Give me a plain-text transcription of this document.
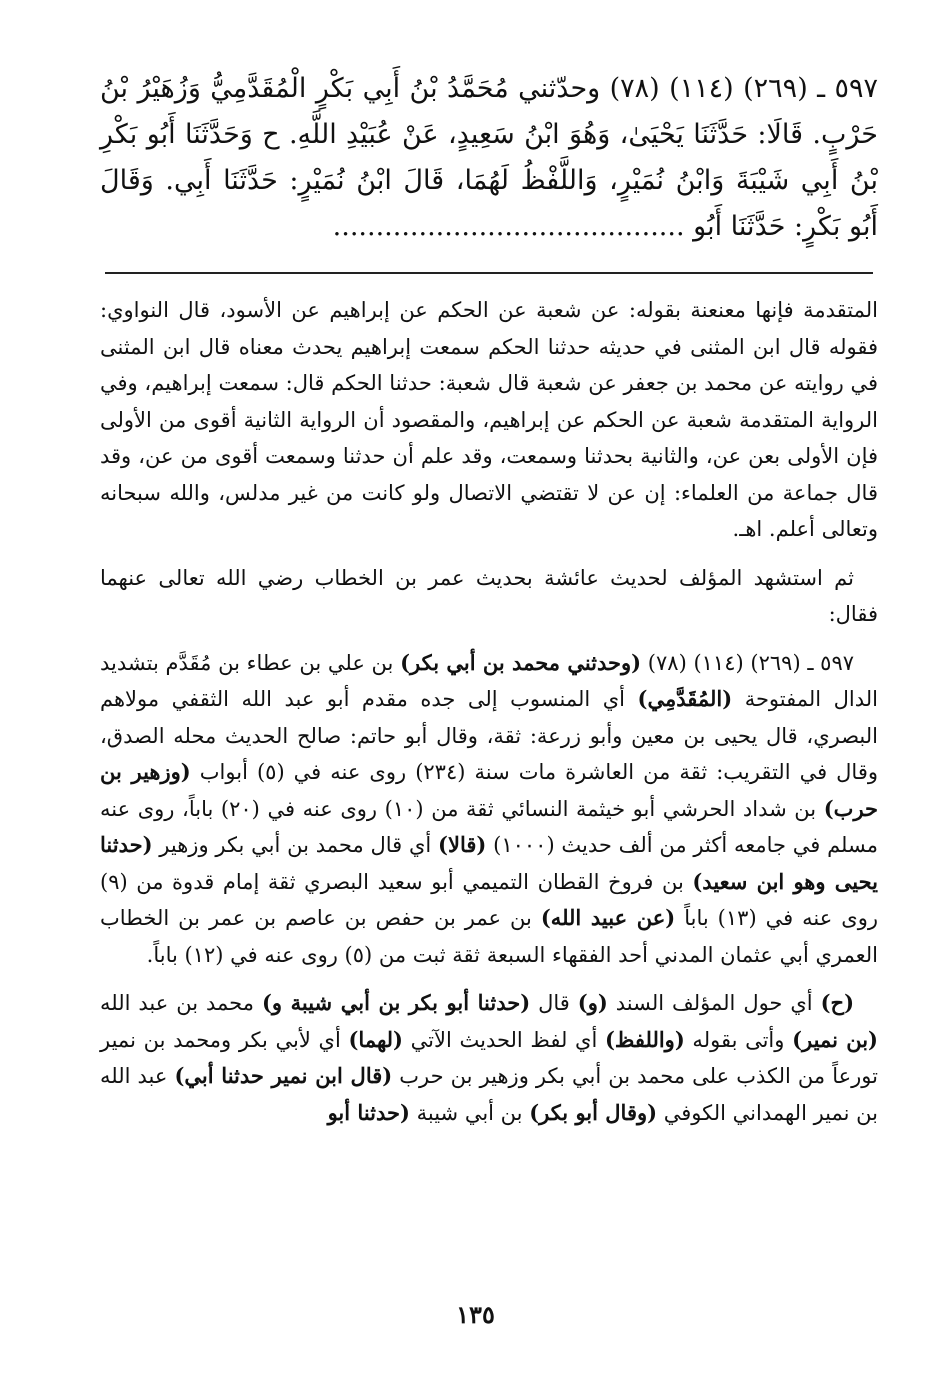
٥٩٧ ـ (٢٦٩) (١١٤) (٧٨) وحدّثني مُحَمَّدُ بْنُ أَبِي بَكْرٍ الْمُقَدَّمِيُّ وَزُهَيْرُ بْنُ حَرْبٍ. قَالَا: حَدَّثَنَا يَحْيَىٰ، وَهُوَ ابْنُ سَعِيدٍ، عَنْ عُبَيْدِ اللَّهِ. ح وَحَدَّثَنَا أَبُو بَكْرِ بْنُ أَبِي شَيْبَةَ وَابْنُ نُمَيْرٍ، وَاللَّفْظُ لَهُمَا، قَالَ ابْنُ نُمَيْرٍ: حَدَّثَنَا أَبِي. وَقَالَ أَبُو بَكْرٍ: حَدَّثَنَا أَبُو .........................................

المتقدمة فإنها معنعنة بقوله: عن شعبة عن الحكم عن إبراهيم عن الأسود، قال النواوي: فقوله قال ابن المثنى في حديثه حدثنا الحكم سمعت إبراهيم يحدث معناه قال ابن المثنى في روايته عن محمد بن جعفر عن شعبة قال شعبة: حدثنا الحكم قال: سمعت إبراهيم، وفي الرواية المتقدمة شعبة عن الحكم عن إبراهيم، والمقصود أن الرواية الثانية أقوى من الأولى فإن الأولى بعن عن، والثانية بحدثنا وسمعت، وقد علم أن حدثنا وسمعت أقوى من عن، وقد قال جماعة من العلماء: إن عن لا تقتضي الاتصال ولو كانت من غير مدلس، والله سبحانه وتعالى أعلم. اهـ.

ثم استشهد المؤلف لحديث عائشة بحديث عمر بن الخطاب رضي الله تعالى عنهما فقال:

٥٩٧ ـ (٢٦٩) (١١٤) (٧٨) (وحدثني محمد بن أبي بكر) بن علي بن عطاء بن مُقَدَّم بتشديد الدال المفتوحة (المُقَدَّمِي) أي المنسوب إلى جده مقدم أبو عبد الله الثقفي مولاهم البصري، قال يحيى بن معين وأبو زرعة: ثقة، وقال أبو حاتم: صالح الحديث محله الصدق، وقال في التقريب: ثقة من العاشرة مات سنة (٢٣٤) روى عنه في (٥) أبواب (وزهير بن حرب) بن شداد الحرشي أبو خيثمة النسائي ثقة من (١٠) روى عنه في (٢٠) باباً، روى عنه مسلم في جامعه أكثر من ألف حديث (١٠٠٠) (قالا) أي قال محمد بن أبي بكر وزهير (حدثنا يحيى وهو ابن سعيد) بن فروخ القطان التميمي أبو سعيد البصري ثقة إمام قدوة من (٩) روى عنه في (١٣) باباً (عن عبيد الله) بن عمر بن حفص بن عاصم بن عمر بن الخطاب العمري أبي عثمان المدني أحد الفقهاء السبعة ثقة ثبت من (٥) روى عنه في (١٢) باباً.

(ح) أي حول المؤلف السند (و) قال (حدثنا أبو بكر بن أبي شيبة و) محمد بن عبد الله (بن نمير) وأتى بقوله (واللفظ) أي لفظ الحديث الآتي (لهما) أي لأبي بكر ومحمد بن نمير تورعاً من الكذب على محمد بن أبي بكر وزهير بن حرب (قال ابن نمير حدثنا أبي) عبد الله بن نمير الهمداني الكوفي (وقال أبو بكر) بن أبي شيبة (حدثنا أبو

١٣٥
